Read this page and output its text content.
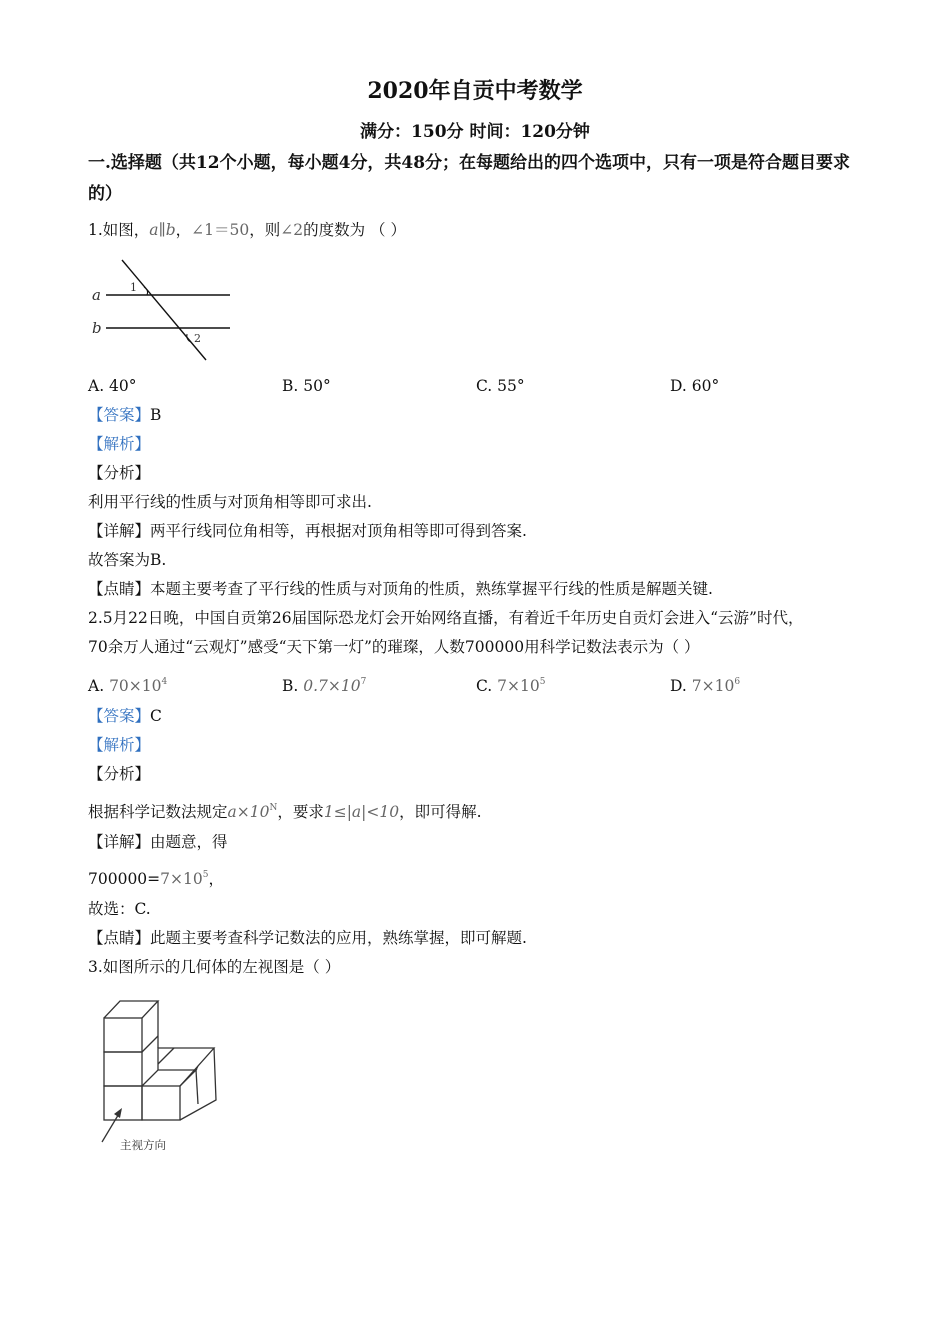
2020年自贡中考数学
满分：150分 时间：120分钟
一.选择题（共12个小题，每小题4分，共48分；在每题给出的四个选项中，只有一项是符合题目要求的）
1.如图，a∥b，∠1＝50，则∠2的度数为 （ ）
a
b
1
2
A. 40°	B. 50°	C. 55°	D. 60°
【答案】B
【解析】
【分析】
利用平行线的性质与对顶角相等即可求出.
【详解】两平行线同位角相等，再根据对顶角相等即可得到答案.
故答案为B.
【点睛】本题主要考查了平行线的性质与对顶角的性质，熟练掌握平行线的性质是解题关键.
2.5月22日晚，中国自贡第26届国际恐龙灯会开始网络直播，有着近千年历史自贡灯会进入“云游”时代，
70余万人通过“云观灯”感受“天下第一灯”的璀璨，人数700000用科学记数法表示为（ ）
A. $70\times 10^4$	B. $0.7\times 10^7$	C. $7\times 10^5$	D. $7\times 10^6$
【答案】C
【解析】
【分析】
根据科学记数法规定$a\times 10^N$，要求1≤|a|<10，即可得解.
【详解】由题意，得
$700000=7\times 10^5$，
故选：C.
【点睛】此题主要考查科学记数法的应用，熟练掌握，即可解题.
3.如图所示的几何体的左视图是（ ）
主视方向
